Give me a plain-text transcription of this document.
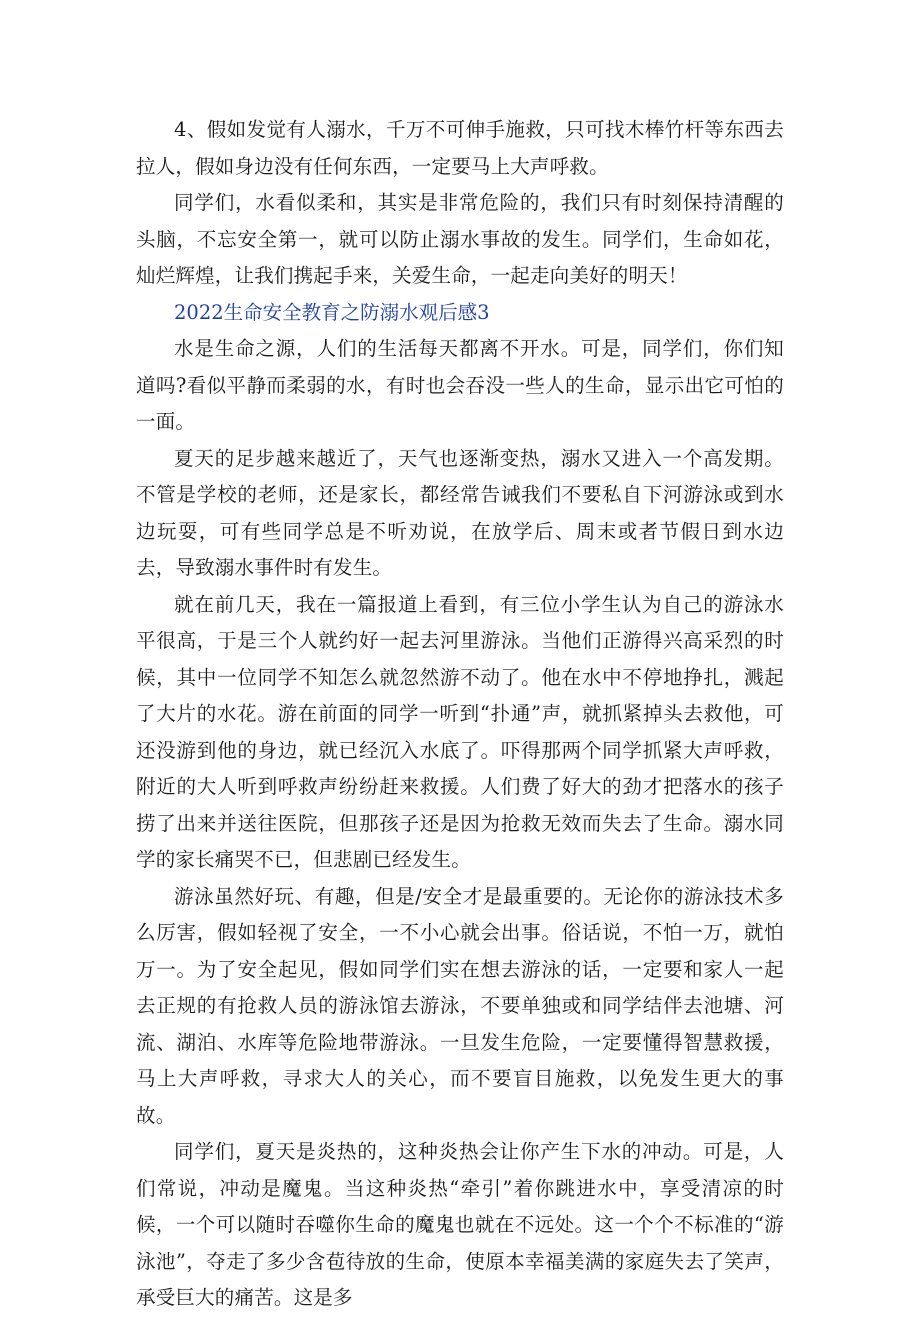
4、假如发觉有人溺水，千万不可伸手施救，只可找木棒竹杆等东西去拉人，假如身边没有任何东西，一定要马上大声呼救。

同学们，水看似柔和，其实是非常危险的，我们只有时刻保持清醒的头脑，不忘安全第一，就可以防止溺水事故的发生。同学们，生命如花，灿烂辉煌，让我们携起手来，关爱生命，一起走向美好的明天！

2022生命安全教育之防溺水观后感3

水是生命之源，人们的生活每天都离不开水。可是，同学们，你们知道吗?看似平静而柔弱的水，有时也会吞没一些人的生命，显示出它可怕的一面。

夏天的足步越来越近了，天气也逐渐变热，溺水又进入一个高发期。不管是学校的老师，还是家长，都经常告诫我们不要私自下河游泳或到水边玩耍，可有些同学总是不听劝说，在放学后、周末或者节假日到水边去，导致溺水事件时有发生。

就在前几天，我在一篇报道上看到，有三位小学生认为自己的游泳水平很高，于是三个人就约好一起去河里游泳。当他们正游得兴高采烈的时候，其中一位同学不知怎么就忽然游不动了。他在水中不停地挣扎，溅起了大片的水花。游在前面的同学一听到“扑通”声，就抓紧掉头去救他，可还没游到他的身边，就已经沉入水底了。吓得那两个同学抓紧大声呼救，附近的大人听到呼救声纷纷赶来救援。人们费了好大的劲才把落水的孩子捞了出来并送往医院，但那孩子还是因为抢救无效而失去了生命。溺水同学的家长痛哭不已，但悲剧已经发生。

游泳虽然好玩、有趣，但是/安全才是最重要的。无论你的游泳技术多么厉害，假如轻视了安全，一不小心就会出事。俗话说，不怕一万，就怕万一。为了安全起见，假如同学们实在想去游泳的话，一定要和家人一起去正规的有抢救人员的游泳馆去游泳，不要单独或和同学结伴去池塘、河流、湖泊、水库等危险地带游泳。一旦发生危险，一定要懂得智慧救援，马上大声呼救，寻求大人的关心，而不要盲目施救，以免发生更大的事故。

同学们，夏天是炎热的，这种炎热会让你产生下水的冲动。可是，人们常说，冲动是魔鬼。当这种炎热“牵引”着你跳进水中，享受清凉的时候，一个可以随时吞噬你生命的魔鬼也就在不远处。这一个个不标准的“游泳池”，夺走了多少含苞待放的生命，使原本幸福美满的家庭失去了笑声，承受巨大的痛苦。这是多
